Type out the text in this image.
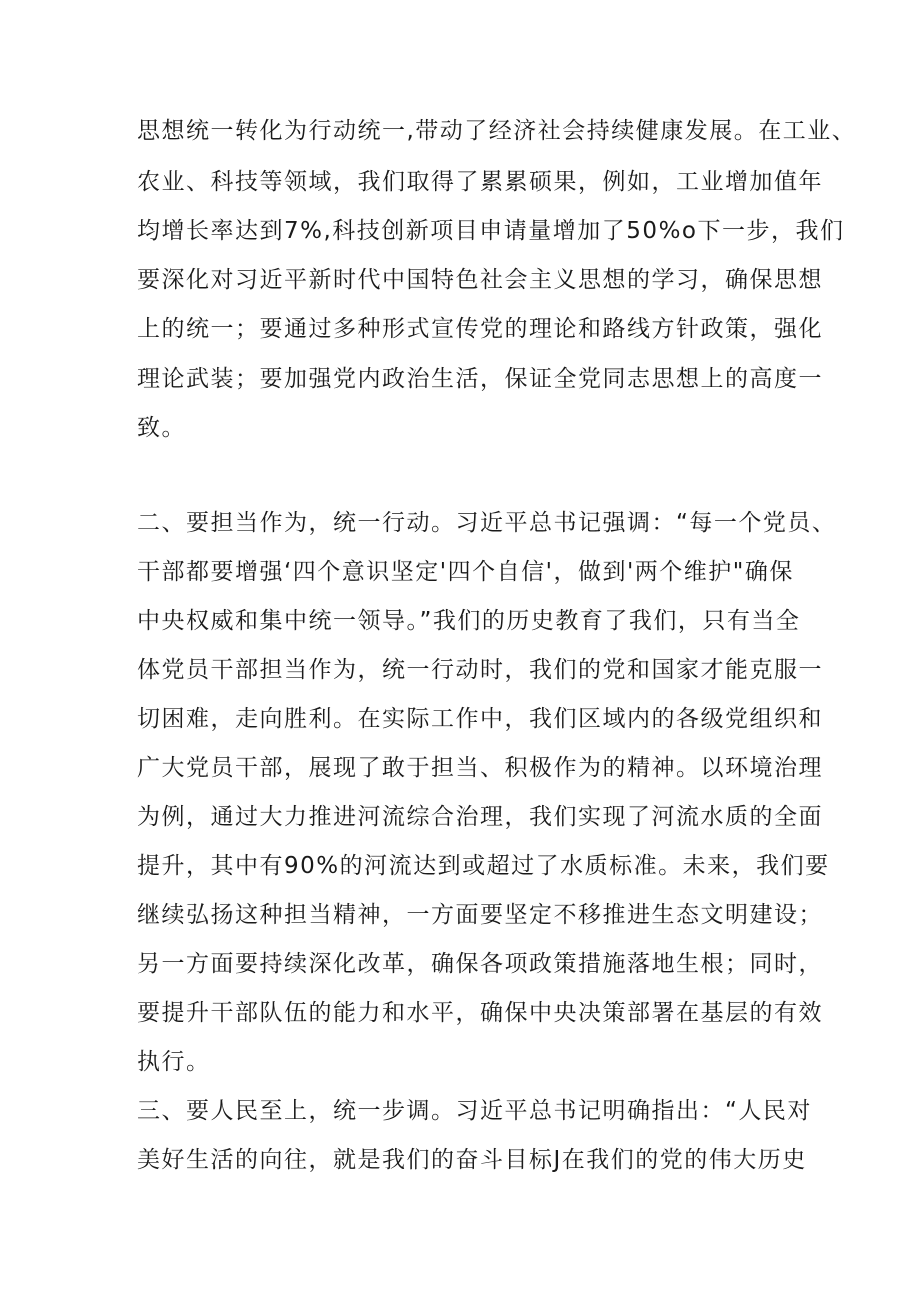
思想统一转化为行动统一,带动了经济社会持续健康发展。在工业、
农业、科技等领域，我们取得了累累硕果，例如，工业增加值年
均增长率达到7%,科技创新项目申请量增加了50%o下一步，我们
要深化对习近平新时代中国特色社会主义思想的学习，确保思想
上的统一；要通过多种形式宣传党的理论和路线方针政策，强化
理论武装；要加强党内政治生活，保证全党同志思想上的高度一
致。
二、要担当作为，统一行动。习近平总书记强调：“每一个党员、
干部都要增强‘四个意识坚定'四个自信'，做到'两个维护"确保
中央权威和集中统一领导。”我们的历史教育了我们，只有当全
体党员干部担当作为，统一行动时，我们的党和国家才能克服一
切困难，走向胜利。在实际工作中，我们区域内的各级党组织和
广大党员干部，展现了敢于担当、积极作为的精神。以环境治理
为例，通过大力推进河流综合治理，我们实现了河流水质的全面
提升，其中有90%的河流达到或超过了水质标准。未来，我们要
继续弘扬这种担当精神，一方面要坚定不移推进生态文明建设；
另一方面要持续深化改革，确保各项政策措施落地生根；同时，
要提升干部队伍的能力和水平，确保中央决策部署在基层的有效
执行。
三、要人民至上，统一步调。习近平总书记明确指出：“人民对
美好生活的向往，就是我们的奋斗目标J在我们的党的伟大历史
